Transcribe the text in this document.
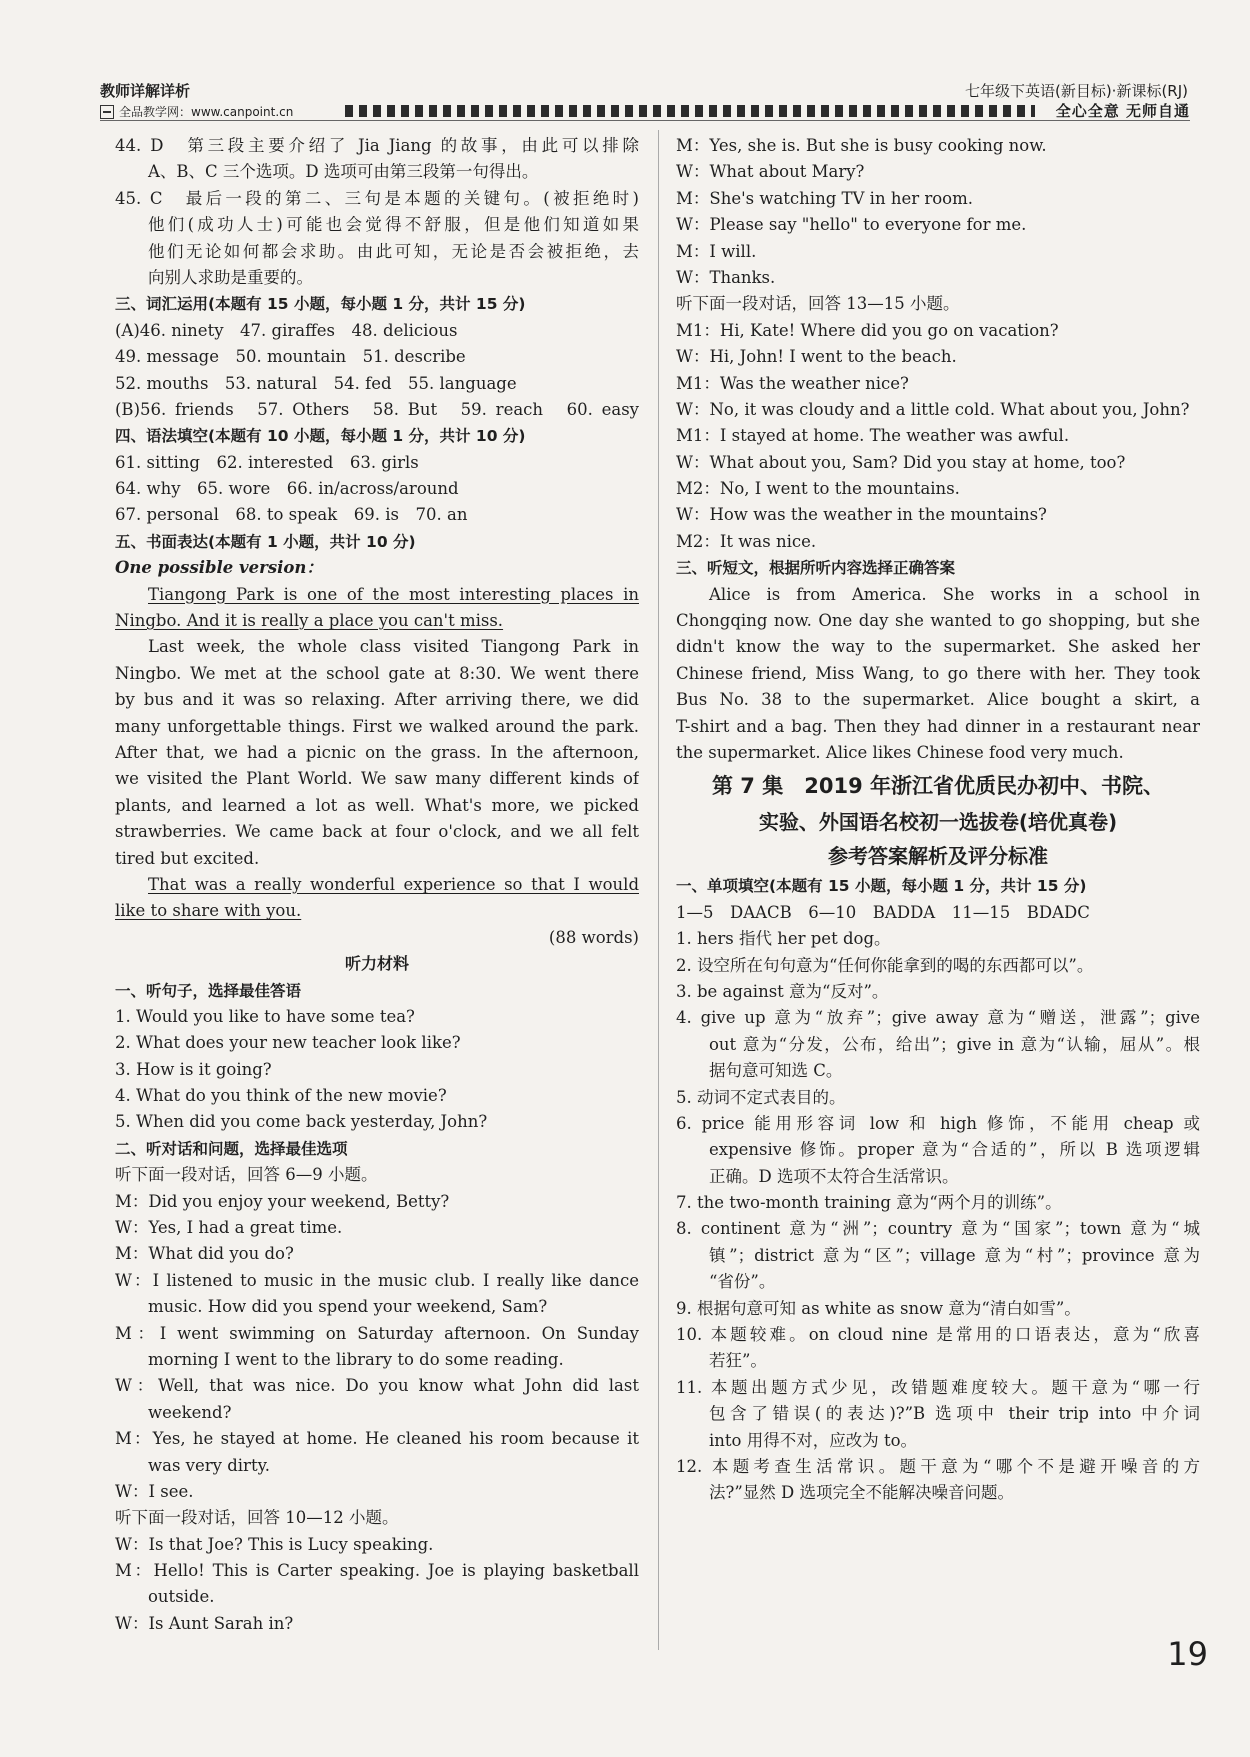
教师详解详析	七年级下英语(新目标)·新课标(RJ)
全品教学网：www.canpoint.cn	全心全意 无师自通
44. D　第三段主要介绍了 Jia Jiang 的故事，由此可以排除
A、B、C 三个选项。D 选项可由第三段第一句得出。
45. C　最后一段的第二、三句是本题的关键句。(被拒绝时)
他们(成功人士)可能也会觉得不舒服，但是他们知道如果
他们无论如何都会求助。由此可知，无论是否会被拒绝，去
向别人求助是重要的。
三、词汇运用(本题有 15 小题，每小题 1 分，共计 15 分)
(A)46. ninety　47. giraffes　48. delicious
49. message　50. mountain　51. describe
52. mouths　53. natural　54. fed　55. language
(B)56. friends　57. Others　58. But　59. reach　60. easy
四、语法填空(本题有 10 小题，每小题 1 分，共计 10 分)
61. sitting　62. interested　63. girls
64. why　65. wore　66. in/across/around
67. personal　68. to speak　69. is　70. an
五、书面表达(本题有 1 小题，共计 10 分)
One possible version：
Tiangong Park is one of the most interesting places in
Ningbo. And it is really a place you can't miss.
Last week, the whole class visited Tiangong Park in
Ningbo. We met at the school gate at 8:30. We went there
by bus and it was so relaxing. After arriving there, we did
many unforgettable things. First we walked around the park.
After that, we had a picnic on the grass. In the afternoon,
we visited the Plant World. We saw many different kinds of
plants, and learned a lot as well. What's more, we picked
strawberries. We came back at four o'clock, and we all felt
tired but excited.
That was a really wonderful experience so that I would
like to share with you.
(88 words)
听力材料
一、听句子，选择最佳答语
1. Would you like to have some tea?
2. What does your new teacher look like?
3. How is it going?
4. What do you think of the new movie?
5. When did you come back yesterday, John?
二、听对话和问题，选择最佳选项
听下面一段对话，回答 6—9 小题。
M：Did you enjoy your weekend, Betty?
W：Yes, I had a great time.
M：What did you do?
W：I listened to music in the music club. I really like dance
music. How did you spend your weekend, Sam?
M：I went swimming on Saturday afternoon. On Sunday
morning I went to the library to do some reading.
W：Well, that was nice. Do you know what John did last
weekend?
M：Yes, he stayed at home. He cleaned his room because it
was very dirty.
W：I see.
听下面一段对话，回答 10—12 小题。
W：Is that Joe? This is Lucy speaking.
M：Hello! This is Carter speaking. Joe is playing basketball
outside.
W：Is Aunt Sarah in?
M：Yes, she is. But she is busy cooking now.
W：What about Mary?
M：She's watching TV in her room.
W：Please say "hello" to everyone for me.
M：I will.
W：Thanks.
听下面一段对话，回答 13—15 小题。
M1：Hi, Kate! Where did you go on vacation?
W：Hi, John! I went to the beach.
M1：Was the weather nice?
W：No, it was cloudy and a little cold. What about you, John?
M1：I stayed at home. The weather was awful.
W：What about you, Sam? Did you stay at home, too?
M2：No, I went to the mountains.
W：How was the weather in the mountains?
M2：It was nice.
三、听短文，根据所听内容选择正确答案
Alice is from America. She works in a school in
Chongqing now. One day she wanted to go shopping, but she
didn't know the way to the supermarket. She asked her
Chinese friend, Miss Wang, to go there with her. They took
Bus No. 38 to the supermarket. Alice bought a skirt, a
T-shirt and a bag. Then they had dinner in a restaurant near
the supermarket. Alice likes Chinese food very much.
第 7 集　2019 年浙江省优质民办初中、书院、
实验、外国语名校初一选拔卷(培优真卷)
参考答案解析及评分标准
一、单项填空(本题有 15 小题，每小题 1 分，共计 15 分)
1—5　DAACB　6—10　BADDA　11—15　BDADC
1. hers 指代 her pet dog。
2. 设空所在句句意为“任何你能拿到的喝的东西都可以”。
3. be against 意为“反对”。
4. give up 意为“放弃”；give away 意为“赠送，泄露”；give
out 意为“分发，公布，给出”；give in 意为“认输，屈从”。根
据句意可知选 C。
5. 动词不定式表目的。
6. price 能用形容词 low 和 high 修饰，不能用 cheap 或
expensive 修饰。proper 意为“合适的”，所以 B 选项逻辑
正确。D 选项不太符合生活常识。
7. the two-month training 意为“两个月的训练”。
8. continent 意为“洲”；country 意为“国家”；town 意为“城
镇”；district 意为“区”；village 意为“村”；province 意为
“省份”。
9. 根据句意可知 as white as snow 意为“清白如雪”。
10. 本题较难。on cloud nine 是常用的口语表达，意为“欣喜
若狂”。
11. 本题出题方式少见，改错题难度较大。题干意为“哪一行
包含了错误(的表达)?”B 选项中 their trip into 中介词
into 用得不对，应改为 to。
12. 本题考查生活常识。题干意为“哪个不是避开噪音的方
法?”显然 D 选项完全不能解决噪音问题。
19
